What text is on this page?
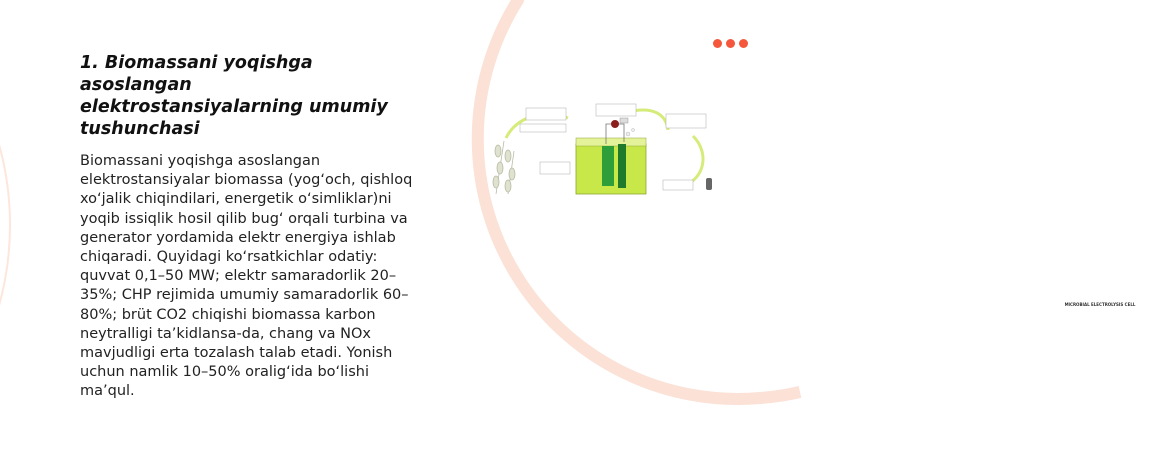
1. Biomassani yoqishga asoslangan elektrostansiyalarning umumiy tushunchasi

Biomassani yoqishga asoslangan elektrostansiyalar biomassa (yog‘och, qishloq xo‘jalik chiqindilari, energetik o‘simliklar)ni yoqib issiqlik hosil qilib bug‘ orqali turbina va generator yordamida elektr energiya ishlab chiqaradi. Quyidagi ko‘rsatkichlar odatiy: quvvat 0,1–50 MW; elektr samaradorlik 20–35%; CHP rejimida umumiy samaradorlik 60–80%; brüt CO2 chiqishi biomassa karbon neytralligi ta’kidlansa-da, chang va NOx mavjudligi erta tozalash talab etadi. Yonish uchun namlik 10–50% oralig‘ida bo‘lishi ma’qul.

MICROBIAL ELECTROLYSIS CELL
